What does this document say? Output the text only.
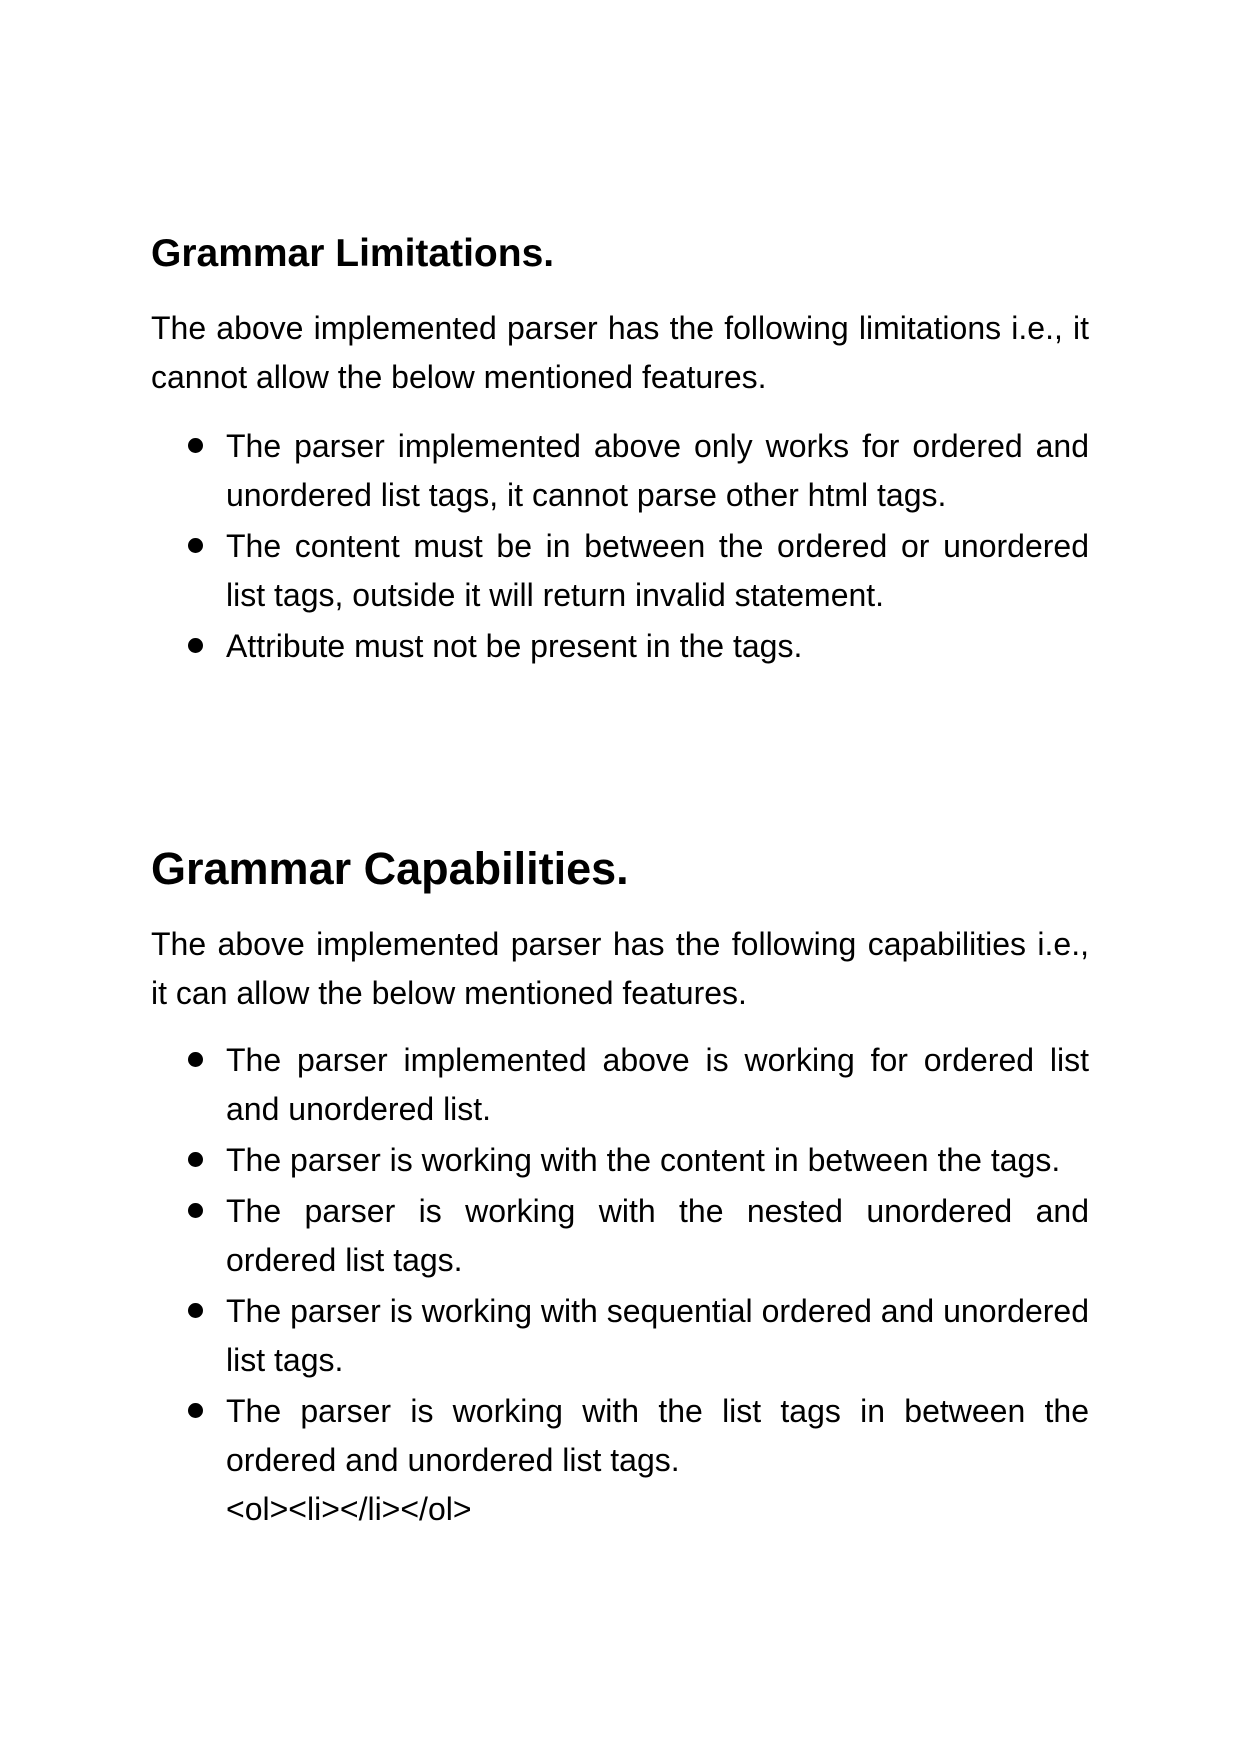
Grammar Limitations.

The above implemented parser has the following limitations i.e., it cannot allow the below mentioned features.

The parser implemented above only works for ordered and unordered list tags, it cannot parse other html tags.
The content must be in between the ordered or unordered list tags, outside it will return invalid statement.
Attribute must not be present in the tags.
Grammar Capabilities.

The above implemented parser has the following capabilities i.e., it can allow the below mentioned features.

The parser implemented above is working for ordered list and unordered list.
The parser is working with the content in between the tags.
The parser is working with the nested unordered and ordered list tags.
The parser is working with sequential ordered and unordered list tags.
The parser is working with the list tags in between the ordered and unordered list tags.
<ol><li></li></ol>
